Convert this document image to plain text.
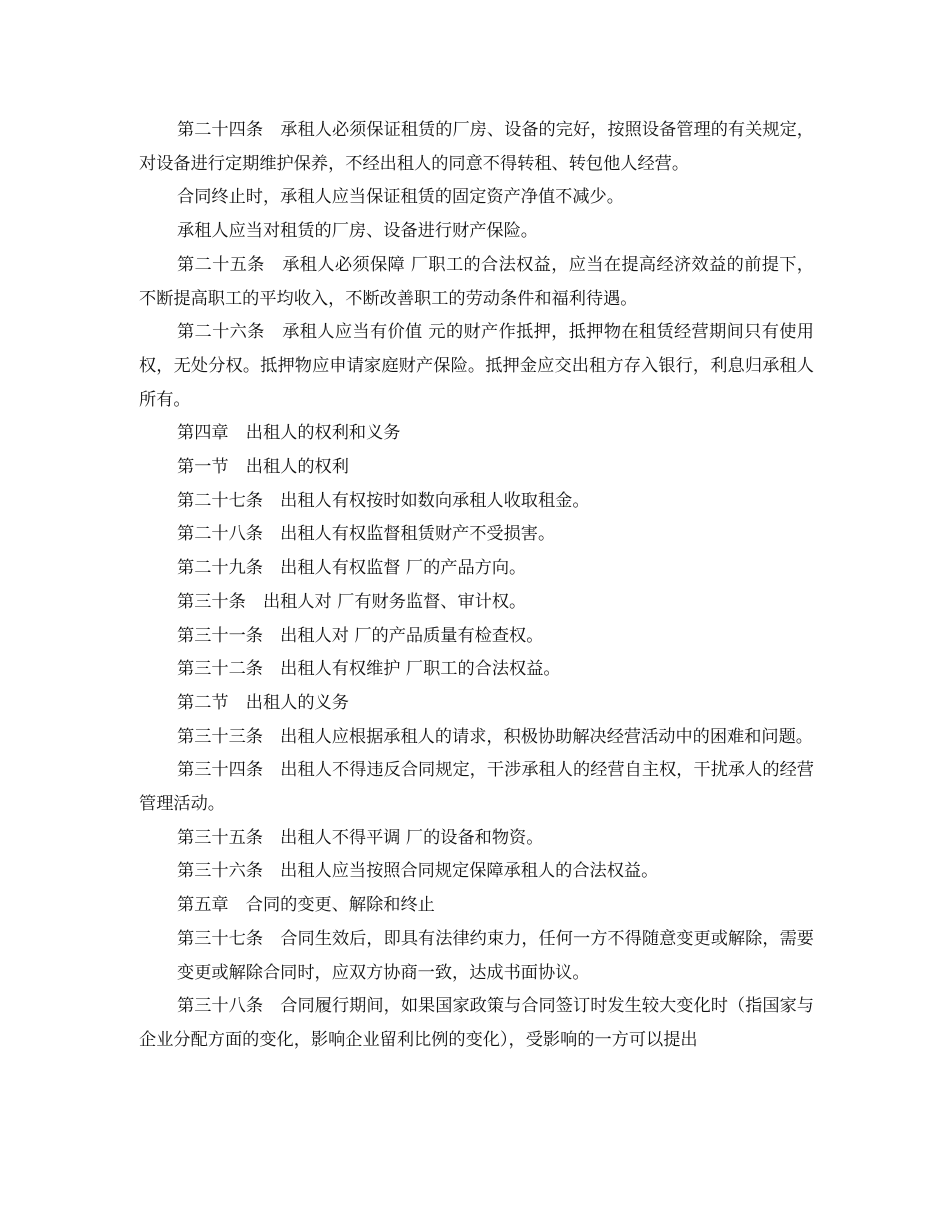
第二十四条　承租人必须保证租赁的厂房、设备的完好，按照设备管理的有关规定，对设备进行定期维护保养，不经出租人的同意不得转租、转包他人经营。

合同终止时，承租人应当保证租赁的固定资产净值不减少。

承租人应当对租赁的厂房、设备进行财产保险。

第二十五条　承租人必须保障 厂职工的合法权益，应当在提高经济效益的前提下，不断提高职工的平均收入，不断改善职工的劳动条件和福利待遇。

第二十六条　承租人应当有价值 元的财产作抵押，抵押物在租赁经营期间只有使用权，无处分权。抵押物应申请家庭财产保险。抵押金应交出租方存入银行，利息归承租人所有。

第四章　出租人的权利和义务

第一节　出租人的权利

第二十七条　出租人有权按时如数向承租人收取租金。

第二十八条　出租人有权监督租赁财产不受损害。

第二十九条　出租人有权监督 厂的产品方向。

第三十条　出租人对 厂有财务监督、审计权。

第三十一条　出租人对 厂的产品质量有检查权。

第三十二条　出租人有权维护 厂职工的合法权益。

第二节　出租人的义务

第三十三条　出租人应根据承租人的请求，积极协助解决经营活动中的困难和问题。

第三十四条　出租人不得违反合同规定，干涉承租人的经营自主权，干扰承人的经营管理活动。

第三十五条　出租人不得平调 厂的设备和物资。

第三十六条　出租人应当按照合同规定保障承租人的合法权益。

第五章　合同的变更、解除和终止

第三十七条　合同生效后，即具有法律约束力，任何一方不得随意变更或解除，需要变更或解除合同时，应双方协商一致，达成书面协议。

第三十八条　合同履行期间，如果国家政策与合同签订时发生较大变化时（指国家与企业分配方面的变化，影响企业留利比例的变化），受影响的一方可以提出
